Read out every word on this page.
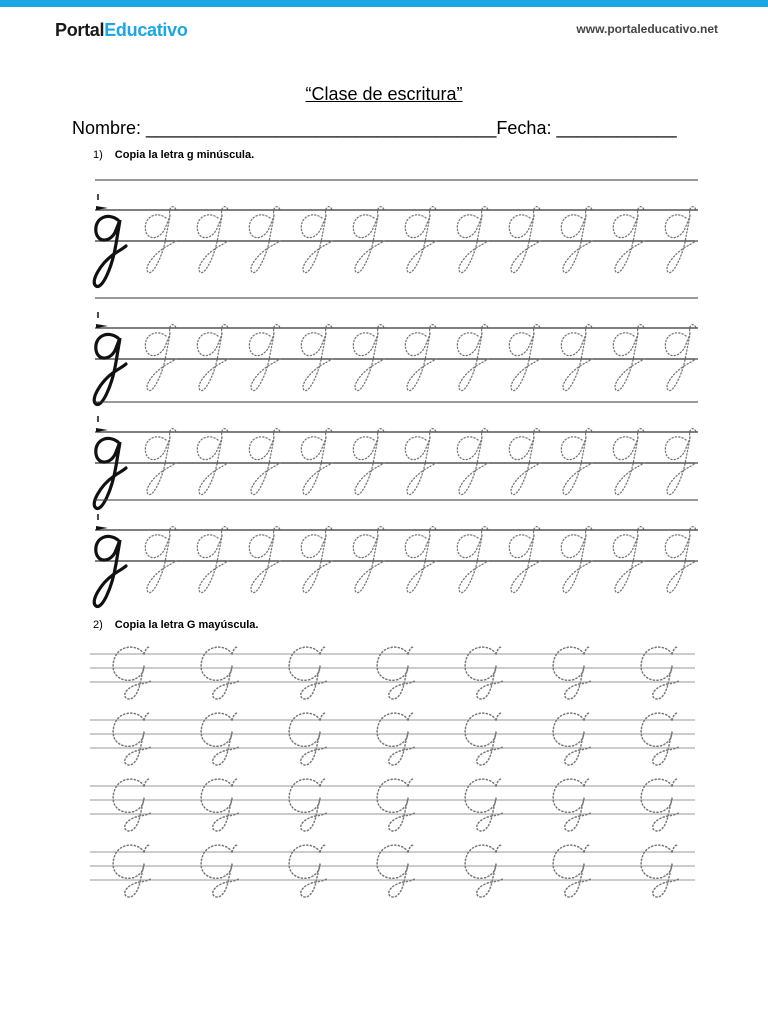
PortalEducativo	www.portaleducativo.net
“Clase de escritura”
Nombre: ___________________________________Fecha: ____________
1) Copia la letra g minúscula.
2) Copia la letra G mayúscula.
